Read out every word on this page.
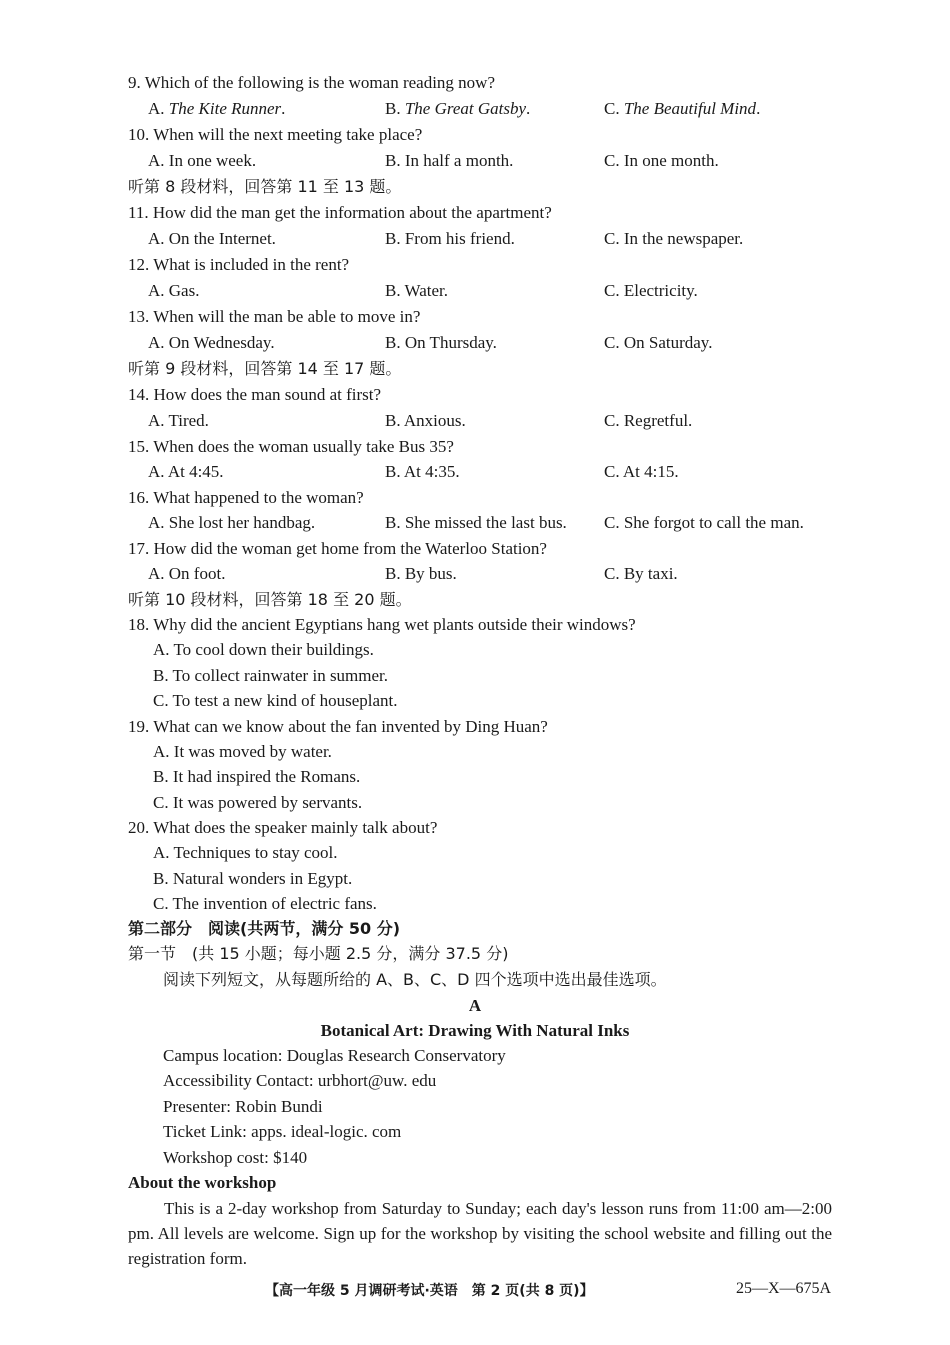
9. Which of the following is the woman reading now?
A. The Kite Runner.	B. The Great Gatsby.	C. The Beautiful Mind.
10. When will the next meeting take place?
A. In one week.	B. In half a month.	C. In one month.
听第 8 段材料，回答第 11 至 13 题。
11. How did the man get the information about the apartment?
A. On the Internet.	B. From his friend.	C. In the newspaper.
12. What is included in the rent?
A. Gas.	B. Water.	C. Electricity.
13. When will the man be able to move in?
A. On Wednesday.	B. On Thursday.	C. On Saturday.
听第 9 段材料，回答第 14 至 17 题。
14. How does the man sound at first?
A. Tired.	B. Anxious.	C. Regretful.
15. When does the woman usually take Bus 35?
A. At 4:45.	B. At 4:35.	C. At 4:15.
16. What happened to the woman?
A. She lost her handbag.	B. She missed the last bus. C. She forgot to call the man.
17. How did the woman get home from the Waterloo Station?
A. On foot.	B. By bus.	C. By taxi.
听第 10 段材料，回答第 18 至 20 题。
18. Why did the ancient Egyptians hang wet plants outside their windows?
A. To cool down their buildings.
B. To collect rainwater in summer.
C. To test a new kind of houseplant.
19. What can we know about the fan invented by Ding Huan?
A. It was moved by water.
B. It had inspired the Romans.
C. It was powered by servants.
20. What does the speaker mainly talk about?
A. Techniques to stay cool.
B. Natural wonders in Egypt.
C. The invention of electric fans.
第二部分　阅读(共两节，满分 50 分)
第一节　(共 15 小题；每小题 2.5 分，满分 37.5 分)
阅读下列短文，从每题所给的 A、B、C、D 四个选项中选出最佳选项。
A
Botanical Art: Drawing With Natural Inks
Campus location: Douglas Research Conservatory
Accessibility Contact: urbhort@uw. edu
Presenter: Robin Bundi
Ticket Link: apps. ideal-logic. com
Workshop cost: $140
About the workshop
This is a 2-day workshop from Saturday to Sunday; each day's lesson runs from 11:00 am—2:00 pm. All levels are welcome. Sign up for the workshop by visiting the school website and filling out the registration form.
【高一年级 5 月调研考试·英语　第 2 页(共 8 页)】	25—X—675A
